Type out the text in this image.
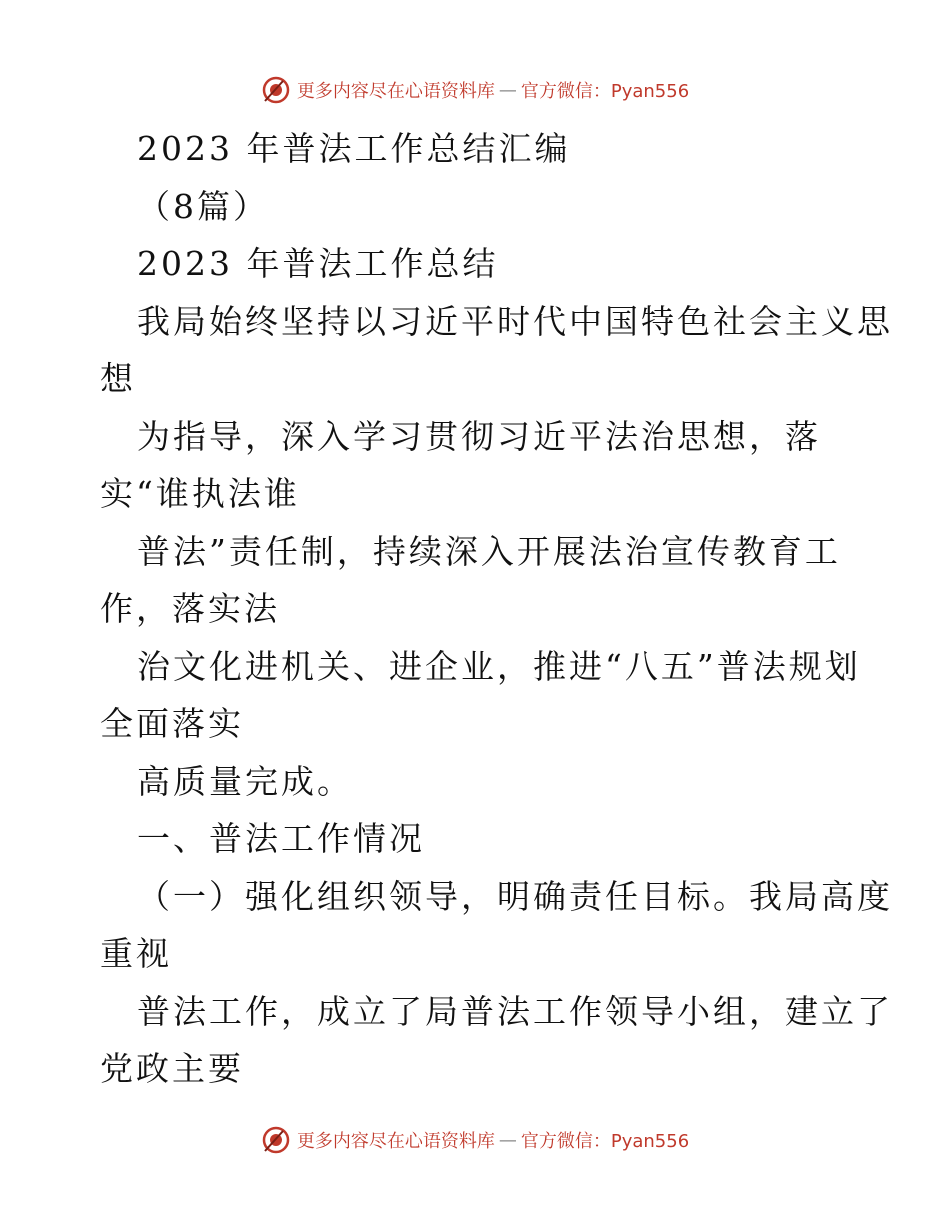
更多内容尽在心语资料库 — 官方微信：Pyan556
2023 年普法工作总结汇编
（8篇）
2023 年普法工作总结
我局始终坚持以习近平时代中国特色社会主义思
想
为指导，深入学习贯彻习近平法治思想，落
实“谁执法谁
普法”责任制，持续深入开展法治宣传教育工
作，落实法
治文化进机关、进企业，推进“八五”普法规划
全面落实
高质量完成。
一、普法工作情况
（一）强化组织领导，明确责任目标。我局高度
重视
普法工作，成立了局普法工作领导小组，建立了
党政主要
更多内容尽在心语资料库 — 官方微信：Pyan556
